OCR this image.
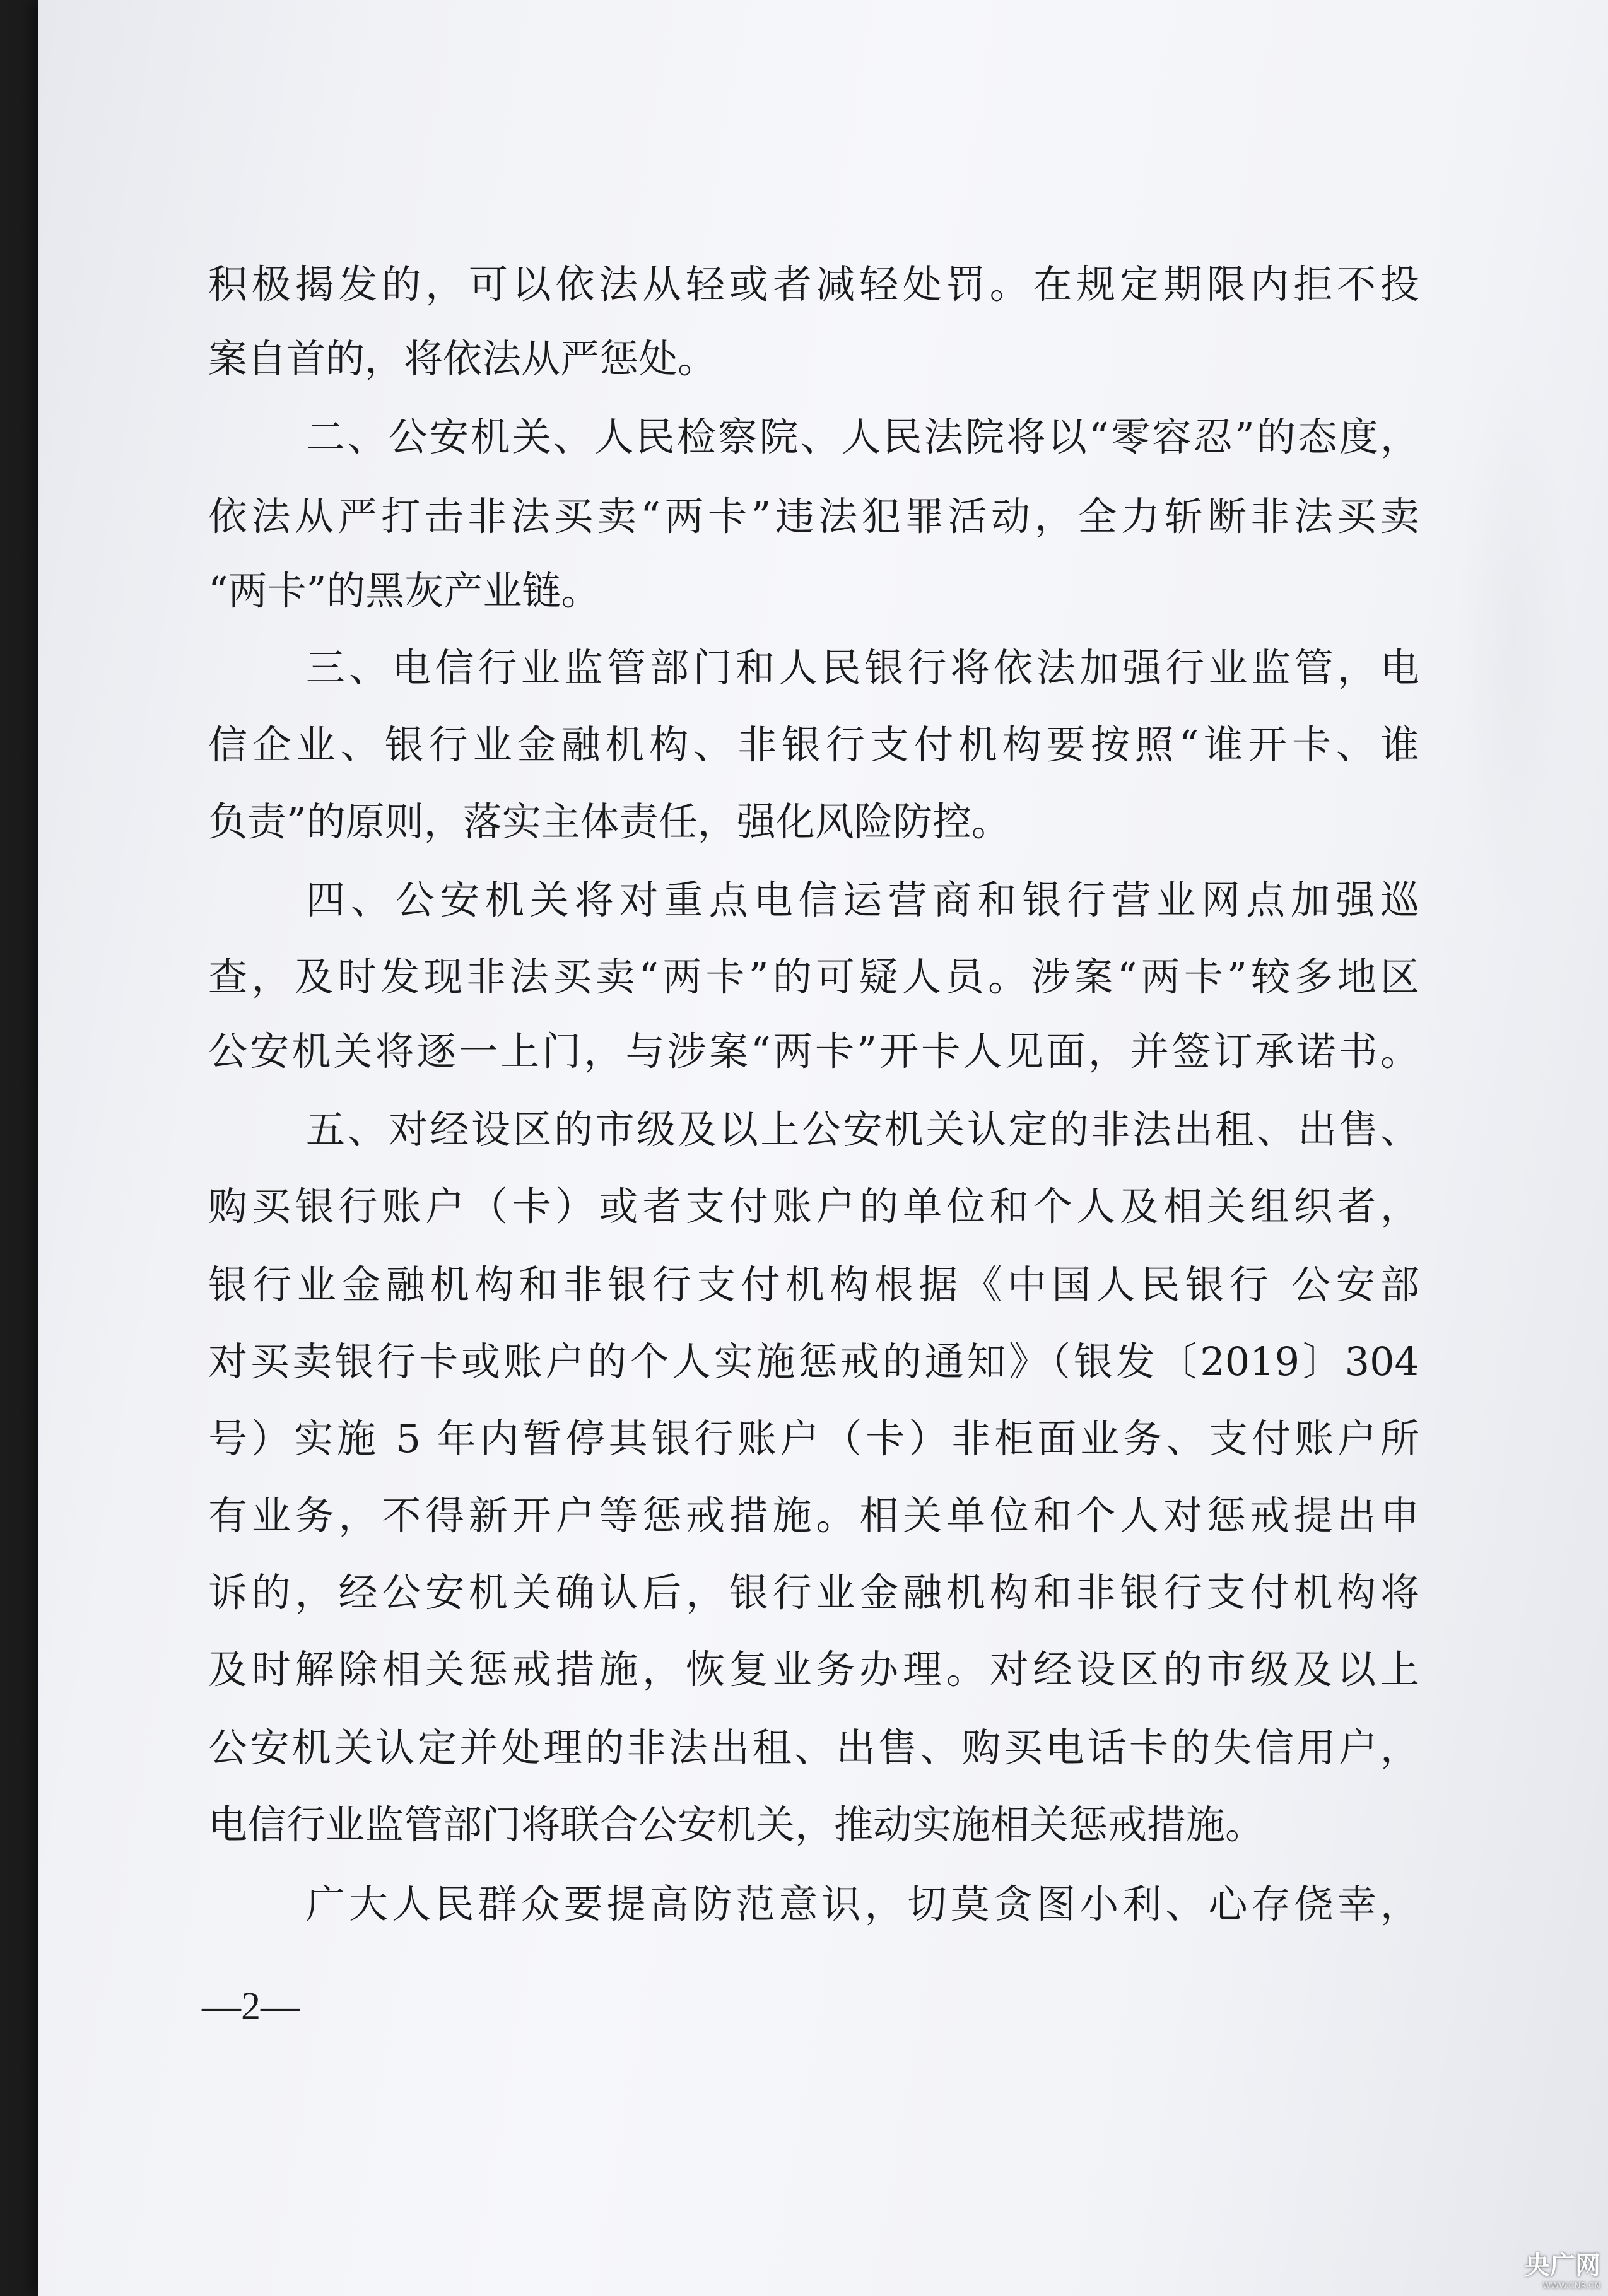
积极揭发的，可以依法从轻或者减轻处罚。在规定期限内拒不投
案自首的，将依法从严惩处。
二、公安机关、人民检察院、人民法院将以“零容忍”的态度，
依法从严打击非法买卖“两卡”违法犯罪活动，全力斩断非法买卖
“两卡”的黑灰产业链。
三、电信行业监管部门和人民银行将依法加强行业监管，电
信企业、银行业金融机构、非银行支付机构要按照“谁开卡、谁
负责”的原则，落实主体责任，强化风险防控。
四、公安机关将对重点电信运营商和银行营业网点加强巡
查，及时发现非法买卖“两卡”的可疑人员。涉案“两卡”较多地区
公安机关将逐一上门，与涉案“两卡”开卡人见面，并签订承诺书。
五、对经设区的市级及以上公安机关认定的非法出租、出售、
购买银行账户（卡）或者支付账户的单位和个人及相关组织者，
银行业金融机构和非银行支付机构根据《中国人民银行 公安部
对买卖银行卡或账户的个人实施惩戒的通知》（银发〔2019〕304
号）实施 5 年内暂停其银行账户（卡）非柜面业务、支付账户所
有业务，不得新开户等惩戒措施。相关单位和个人对惩戒提出申
诉的，经公安机关确认后，银行业金融机构和非银行支付机构将
及时解除相关惩戒措施，恢复业务办理。对经设区的市级及以上
公安机关认定并处理的非法出租、出售、购买电话卡的失信用户，
电信行业监管部门将联合公安机关，推动实施相关惩戒措施。
广大人民群众要提高防范意识，切莫贪图小利、心存侥幸，
—2—
央广网
WWW.CNR.CN
